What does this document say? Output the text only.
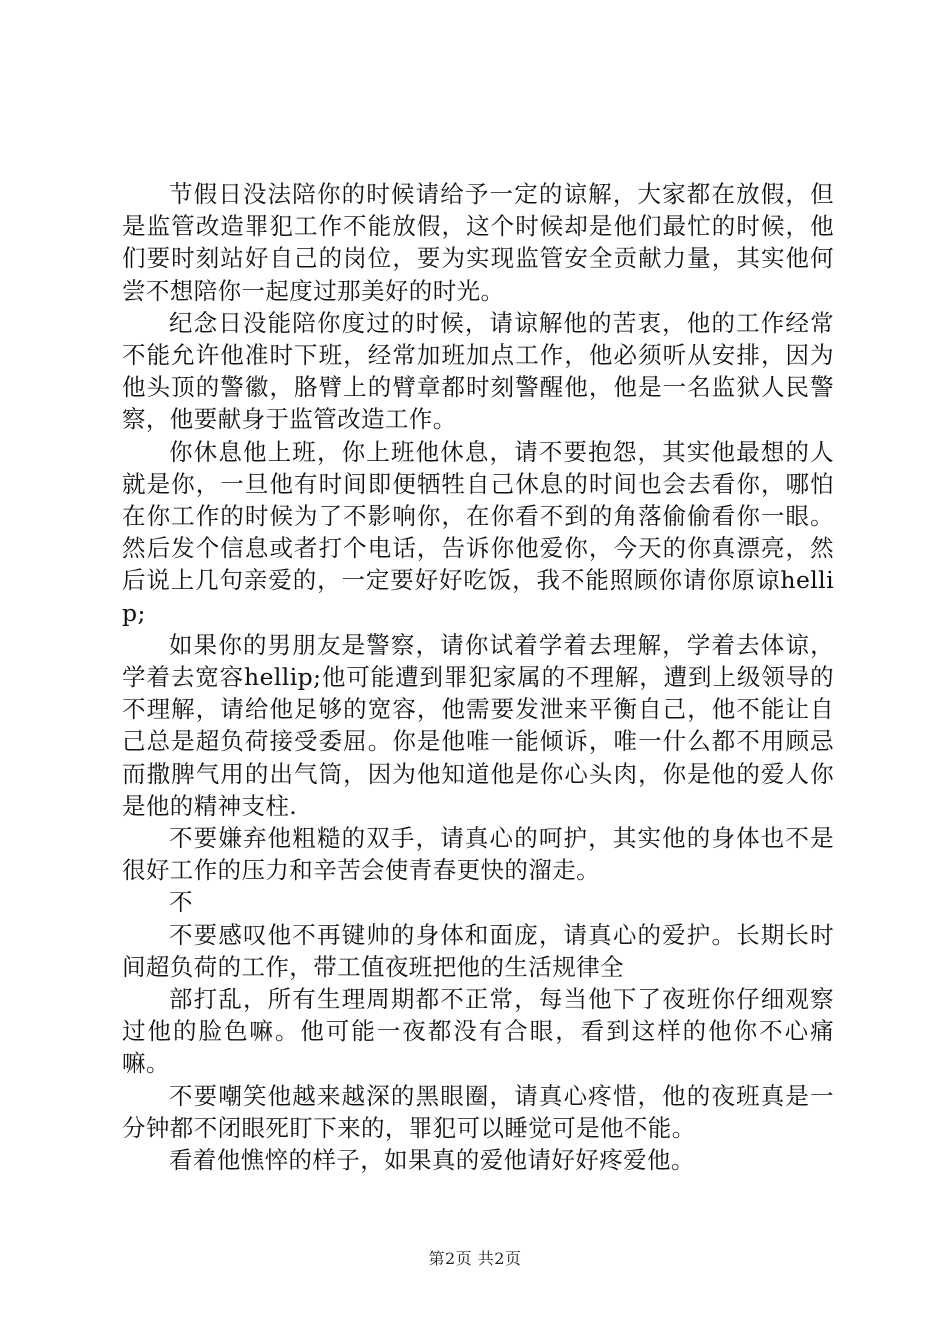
节假日没法陪你的时候请给予一定的谅解，大家都在放假，但是监管改造罪犯工作不能放假，这个时候却是他们最忙的时候，他们要时刻站好自己的岗位，要为实现监管安全贡献力量，其实他何尝不想陪你一起度过那美好的时光。

纪念日没能陪你度过的时候，请谅解他的苦衷，他的工作经常不能允许他准时下班，经常加班加点工作，他必须听从安排，因为他头顶的警徽，胳臂上的臂章都时刻警醒他，他是一名监狱人民警察，他要献身于监管改造工作。

你休息他上班，你上班他休息，请不要抱怨，其实他最想的人就是你，一旦他有时间即便牺牲自己休息的时间也会去看你，哪怕在你工作的时候为了不影响你，在你看不到的角落偷偷看你一眼。然后发个信息或者打个电话，告诉你他爱你，今天的你真漂亮，然后说上几句亲爱的，一定要好好吃饭，我不能照顾你请你原谅hellip;

如果你的男朋友是警察，请你试着学着去理解，学着去体谅，学着去宽容hellip;他可能遭到罪犯家属的不理解，遭到上级领导的不理解，请给他足够的宽容，他需要发泄来平衡自己，他不能让自己总是超负荷接受委屈。你是他唯一能倾诉，唯一什么都不用顾忌而撒脾气用的出气筒，因为他知道他是你心头肉，你是他的爱人你是他的精神支柱.

不要嫌弃他粗糙的双手，请真心的呵护，其实他的身体也不是很好工作的压力和辛苦会使青春更快的溜走。

不

不要感叹他不再键帅的身体和面庞，请真心的爱护。长期长时间超负荷的工作，带工值夜班把他的生活规律全

部打乱，所有生理周期都不正常，每当他下了夜班你仔细观察过他的脸色嘛。他可能一夜都没有合眼，看到这样的他你不心痛嘛。

不要嘲笑他越来越深的黑眼圈，请真心疼惜，他的夜班真是一分钟都不闭眼死盯下来的，罪犯可以睡觉可是他不能。

看着他憔悴的样子，如果真的爱他请好好疼爱他。

第2页 共2页
